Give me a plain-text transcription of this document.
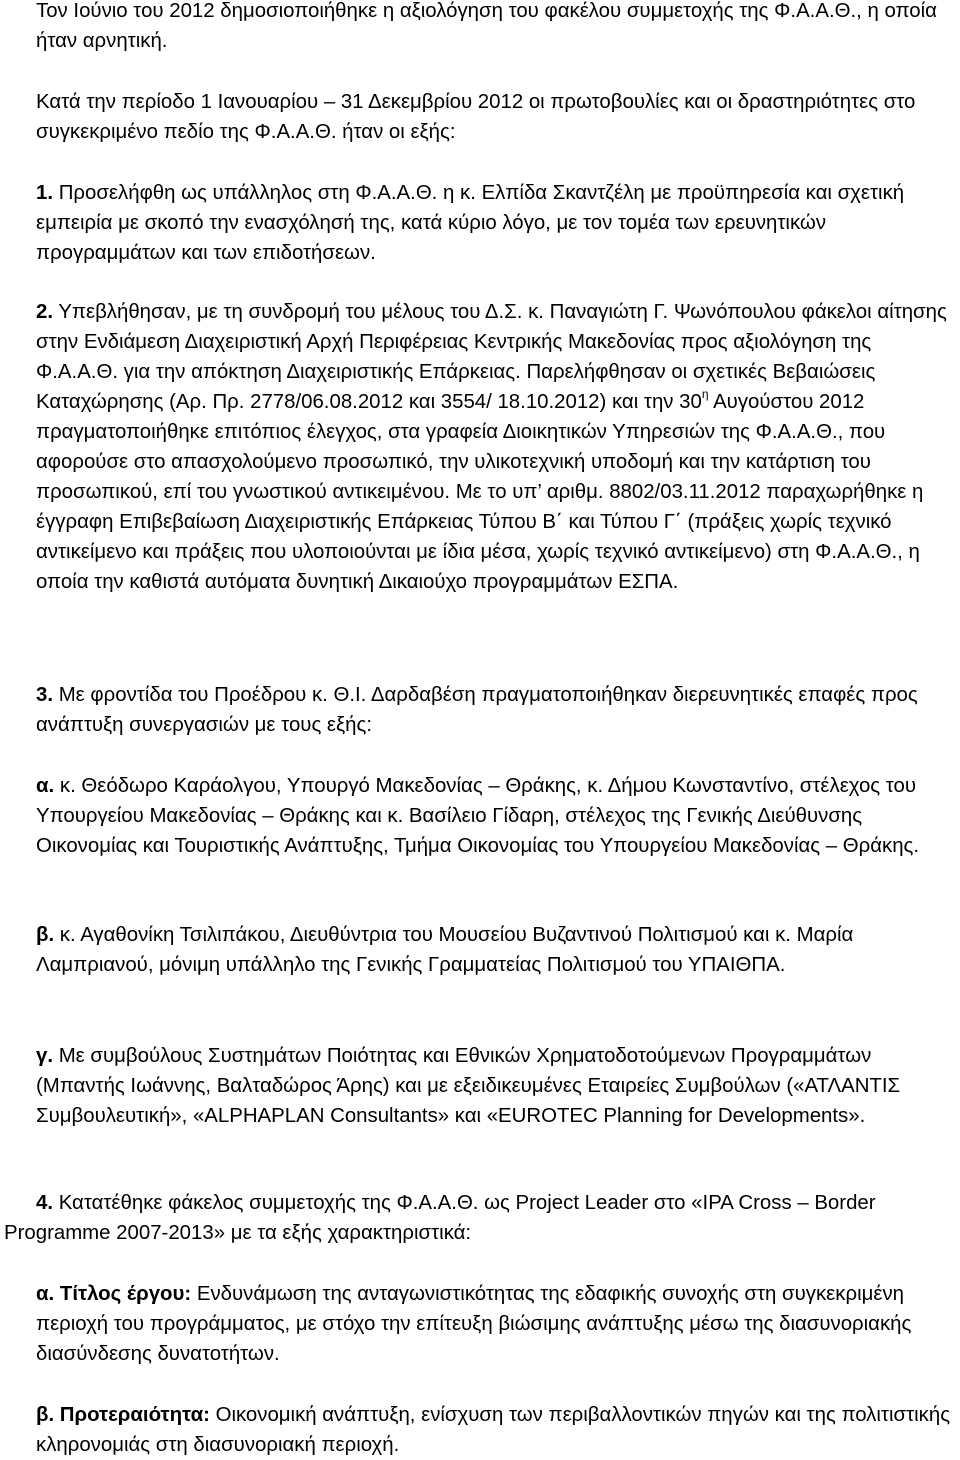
Τον Ιούνιο του 2012 δημοσιοποιήθηκε η αξιολόγηση του φακέλου συμμετοχής της Φ.Α.Α.Θ., η οποία ήταν αρνητική.

Κατά την περίοδο 1 Ιανουαρίου – 31 Δεκεμβρίου 2012 οι πρωτοβουλίες και οι δραστηριότητες στο συγκεκριμένο πεδίο της Φ.Α.Α.Θ. ήταν οι εξής:

1. Προσελήφθη ως υπάλληλος στη Φ.Α.Α.Θ. η κ. Ελπίδα Σκαντζέλη με προϋπηρεσία και σχετική εμπειρία με σκοπό την ενασχόλησή της, κατά κύριο λόγο, με τον τομέα των ερευνητικών προγραμμάτων και των επιδοτήσεων.

2. Υπεβλήθησαν, με τη συνδρομή του μέλους του Δ.Σ. κ. Παναγιώτη Γ. Ψωνόπουλου φάκελοι αίτησης στην Ενδιάμεση Διαχειριστική Αρχή Περιφέρειας Κεντρικής Μακεδονίας προς αξιολόγηση της Φ.Α.Α.Θ. για την απόκτηση Διαχειριστικής Επάρκειας. Παρελήφθησαν οι σχετικές Βεβαιώσεις Καταχώρησης (Αρ. Πρ. 2778/06.08.2012 και 3554/ 18.10.2012) και την $30^\eta$ Αυγούστου 2012 πραγματοποιήθηκε επιτόπιος έλεγχος, στα γραφεία Διοικητικών Υπηρεσιών της Φ.Α.Α.Θ., που αφορούσε στο απασχολούμενο προσωπικό, την υλικοτεχνική υποδομή και την κατάρτιση του προσωπικού, επί του γνωστικού αντικειμένου. Με το υπ’ αριθμ. 8802/03.11.2012 παραχωρήθηκε η έγγραφη Επιβεβαίωση Διαχειριστικής Επάρκειας Τύπου Β΄ και Τύπου Γ΄ (πράξεις χωρίς τεχνικό αντικείμενο και πράξεις που υλοποιούνται με ίδια μέσα, χωρίς τεχνικό αντικείμενο) στη Φ.Α.Α.Θ., η οποία την καθιστά αυτόματα δυνητική Δικαιούχο προγραμμάτων ΕΣΠΑ.

3. Με φροντίδα του Προέδρου κ. Θ.Ι. Δαρδαβέση πραγματοποιήθηκαν διερευνητικές επαφές προς ανάπτυξη συνεργασιών με τους εξής:

α. κ. Θεόδωρο Καράολγου, Υπουργό Μακεδονίας – Θράκης, κ. Δήμου Κωνσταντίνο, στέλεχος του Υπουργείου Μακεδονίας – Θράκης και κ. Βασίλειο Γίδαρη, στέλεχος της Γενικής Διεύθυνσης Οικονομίας και Τουριστικής Ανάπτυξης, Τμήμα Οικονομίας του Υπουργείου Μακεδονίας – Θράκης.

β. κ. Αγαθονίκη Τσιλιπάκου, Διευθύντρια του Μουσείου Βυζαντινού Πολιτισμού και κ. Μαρία Λαμπριανού, μόνιμη υπάλληλο της Γενικής Γραμματείας Πολιτισμού του ΥΠΑΙΘΠΑ.

γ. Με συμβούλους Συστημάτων Ποιότητας και Εθνικών Χρηματοδοτούμενων Προγραμμάτων (Μπαντής Ιωάννης, Βαλταδώρος Άρης) και με εξειδικευμένες Εταιρείες Συμβούλων («ΑΤΛΑΝΤΙΣ Συμβουλευτική», «ALPHAPLAN Consultants» και «EUROTEC Planning for Developments».

4. Κατατέθηκε φάκελος συμμετοχής της Φ.Α.Α.Θ. ως Project Leader στο «IPA Cross – Border Programme 2007-2013» με τα εξής χαρακτηριστικά:

α. Τίτλος έργου: Ενδυνάμωση της ανταγωνιστικότητας της εδαφικής συνοχής στη συγκεκριμένη περιοχή του προγράμματος, με στόχο την επίτευξη βιώσιμης ανάπτυξης μέσω της διασυνοριακής διασύνδεσης δυνατοτήτων.

β. Προτεραιότητα: Οικονομική ανάπτυξη, ενίσχυση των περιβαλλοντικών πηγών και της πολιτιστικής κληρονομιάς στη διασυνοριακή περιοχή.
